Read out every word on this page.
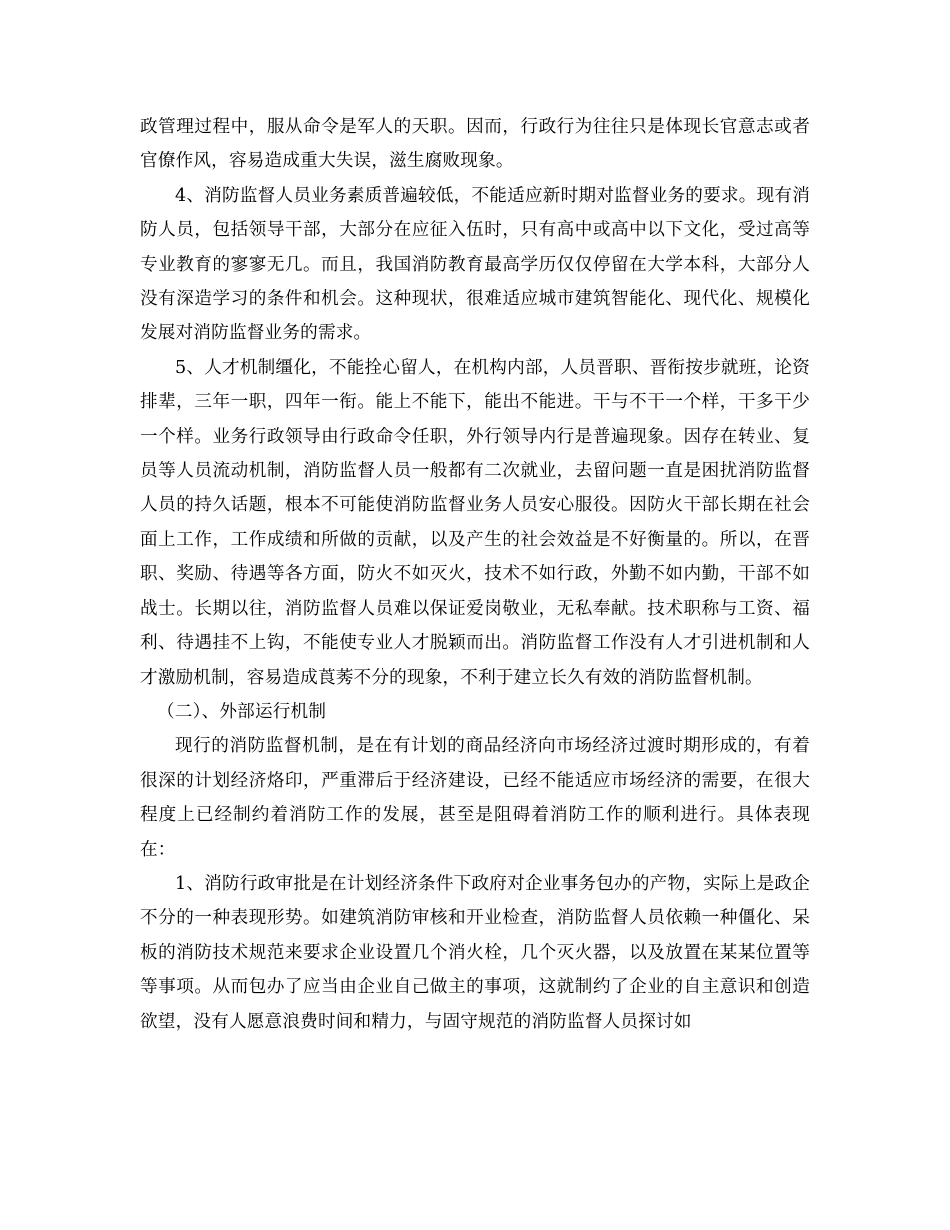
政管理过程中，服从命令是军人的天职。因而，行政行为往往只是体现长官意志或者官僚作风，容易造成重大失误，滋生腐败现象。

4、消防监督人员业务素质普遍较低，不能适应新时期对监督业务的要求。现有消防人员，包括领导干部，大部分在应征入伍时，只有高中或高中以下文化，受过高等专业教育的寥寥无几。而且，我国消防教育最高学历仅仅停留在大学本科，大部分人没有深造学习的条件和机会。这种现状，很难适应城市建筑智能化、现代化、规模化发展对消防监督业务的需求。

5、人才机制缰化，不能拴心留人，在机构内部，人员晋职、晋衔按步就班，论资排辈，三年一职，四年一衔。能上不能下，能出不能进。干与不干一个样，干多干少一个样。业务行政领导由行政命令任职，外行领导内行是普遍现象。因存在转业、复员等人员流动机制，消防监督人员一般都有二次就业，去留问题一直是困扰消防监督人员的持久话题，根本不可能使消防监督业务人员安心服役。因防火干部长期在社会面上工作，工作成绩和所做的贡献，以及产生的社会效益是不好衡量的。所以，在晋职、奖励、待遇等各方面，防火不如灭火，技术不如行政，外勤不如内勤，干部不如战士。长期以往，消防监督人员难以保证爱岗敬业，无私奉献。技术职称与工资、福利、待遇挂不上钩，不能使专业人才脱颖而出。消防监督工作没有人才引进机制和人才激励机制，容易造成莨莠不分的现象，不利于建立长久有效的消防监督机制。

（二）、外部运行机制

现行的消防监督机制，是在有计划的商品经济向市场经济过渡时期形成的，有着很深的计划经济烙印，严重滞后于经济建设，已经不能适应市场经济的需要，在很大程度上已经制约着消防工作的发展，甚至是阻碍着消防工作的顺利进行。具体表现在：

1、消防行政审批是在计划经济条件下政府对企业事务包办的产物，实际上是政企不分的一种表现形势。如建筑消防审核和开业检查，消防监督人员依赖一种僵化、呆板的消防技术规范来要求企业设置几个消火栓，几个灭火器，以及放置在某某位置等等事项。从而包办了应当由企业自己做主的事项，这就制约了企业的自主意识和创造欲望，没有人愿意浪费时间和精力，与固守规范的消防监督人员探讨如
